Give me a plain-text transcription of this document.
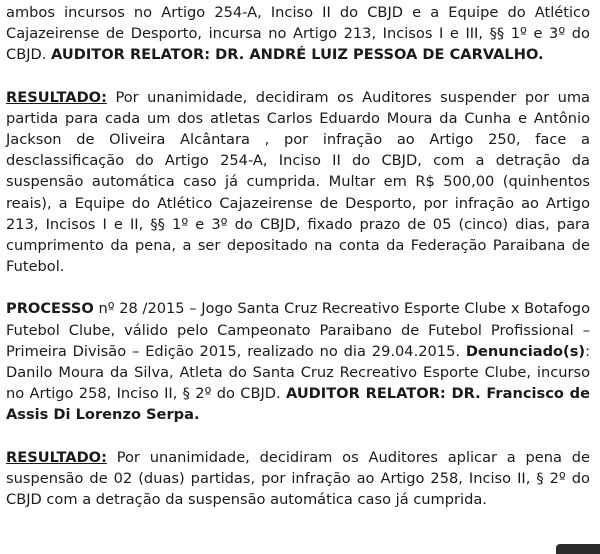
ambos incursos no Artigo 254-A, Inciso II do CBJD e a Equipe do Atlético Cajazeirense de Desporto, incursa no Artigo 213, Incisos I e III, §§ 1º e 3º do CBJD. AUDITOR RELATOR: DR. ANDRÉ LUIZ PESSOA DE CARVALHO.

RESULTADO: Por unanimidade, decidiram os Auditores suspender por uma partida para cada um dos atletas Carlos Eduardo Moura da Cunha e Antônio Jackson de Oliveira Alcântara , por infração ao Artigo 250, face a desclassificação do Artigo 254-A, Inciso II do CBJD, com a detração da suspensão automática caso já cumprida. Multar em R$ 500,00 (quinhentos reais), a Equipe do Atlético Cajazeirense de Desporto, por infração ao Artigo 213, Incisos I e II, §§ 1º e 3º do CBJD, fixado prazo de 05 (cinco) dias, para cumprimento da pena, a ser depositado na conta da Federação Paraibana de Futebol.

PROCESSO nº 28 /2015 – Jogo Santa Cruz Recreativo Esporte Clube x Botafogo Futebol Clube, válido pelo Campeonato Paraibano de Futebol Profissional – Primeira Divisão – Edição 2015, realizado no dia 29.04.2015. Denunciado(s): Danilo Moura da Silva, Atleta do Santa Cruz Recreativo Esporte Clube, incurso no Artigo 258, Inciso II, § 2º do CBJD. AUDITOR RELATOR: DR. Francisco de Assis Di Lorenzo Serpa.

RESULTADO: Por unanimidade, decidiram os Auditores aplicar a pena de suspensão de 02 (duas) partidas, por infração ao Artigo 258, Inciso II, § 2º do CBJD com a detração da suspensão automática caso já cumprida.
